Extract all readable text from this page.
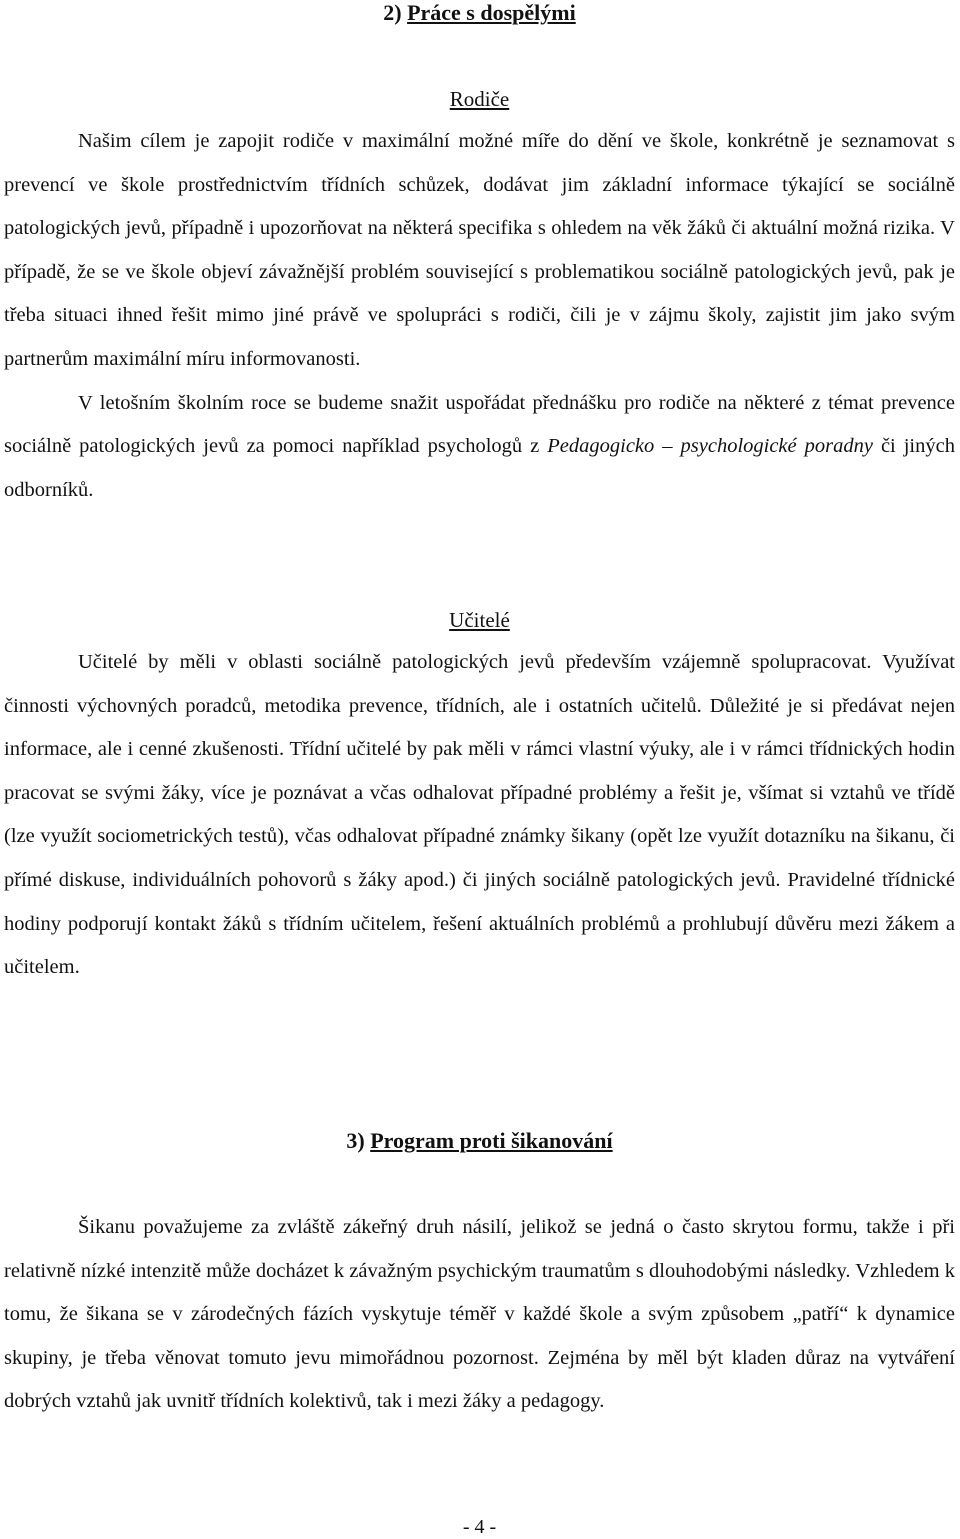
2) Práce s dospělými
Rodiče

Našim cílem je zapojit rodiče v maximální možné míře do dění ve škole, konkrétně je seznamovat s prevencí ve škole prostřednictvím třídních schůzek, dodávat jim základní informace týkající se sociálně patologických jevů, případně i upozorňovat na některá specifika s ohledem na věk žáků či aktuální možná rizika. V případě, že se ve škole objeví závažnější problém související s problematikou sociálně patologických jevů, pak je třeba situaci ihned řešit mimo jiné právě ve spolupráci s rodiči, čili je v zájmu školy, zajistit jim jako svým partnerům maximální míru informovanosti.

V letošním školním roce se budeme snažit uspořádat přednášku pro rodiče na některé z témat prevence sociálně patologických jevů za pomoci například psychologů z Pedagogicko – psychologické poradny či jiných odborníků.

Učitelé

Učitelé by měli v oblasti sociálně patologických jevů především vzájemně spolupracovat. Využívat činnosti výchovných poradců, metodika prevence, třídních, ale i ostatních učitelů. Důležité je si předávat nejen informace, ale i cenné zkušenosti. Třídní učitelé by pak měli v rámci vlastní výuky, ale i v rámci třídnických hodin pracovat se svými žáky, více je poznávat a včas odhalovat případné problémy a řešit je, všímat si vztahů ve třídě (lze využít sociometrických testů), včas odhalovat případné známky šikany (opět lze využít dotazníku na šikanu, či přímé diskuse, individuálních pohovorů s žáky apod.) či jiných sociálně patologických jevů. Pravidelné třídnické hodiny podporují kontakt žáků s třídním učitelem, řešení aktuálních problémů a prohlubují důvěru mezi žákem a učitelem.

3) Program proti šikanování

Šikanu považujeme za zvláště zákeřný druh násilí, jelikož se jedná o často skrytou formu, takže i při relativně nízké intenzitě může docházet k závažným psychickým traumatům s dlouhodobými následky. Vzhledem k tomu, že šikana se v zárodečných fázích vyskytuje téměř v každé škole a svým způsobem „patří“ k dynamice skupiny, je třeba věnovat tomuto jevu mimořádnou pozornost. Zejména by měl být kladen důraz na vytváření dobrých vztahů jak uvnitř třídních kolektivů, tak i mezi žáky a pedagogy.

- 4 -
